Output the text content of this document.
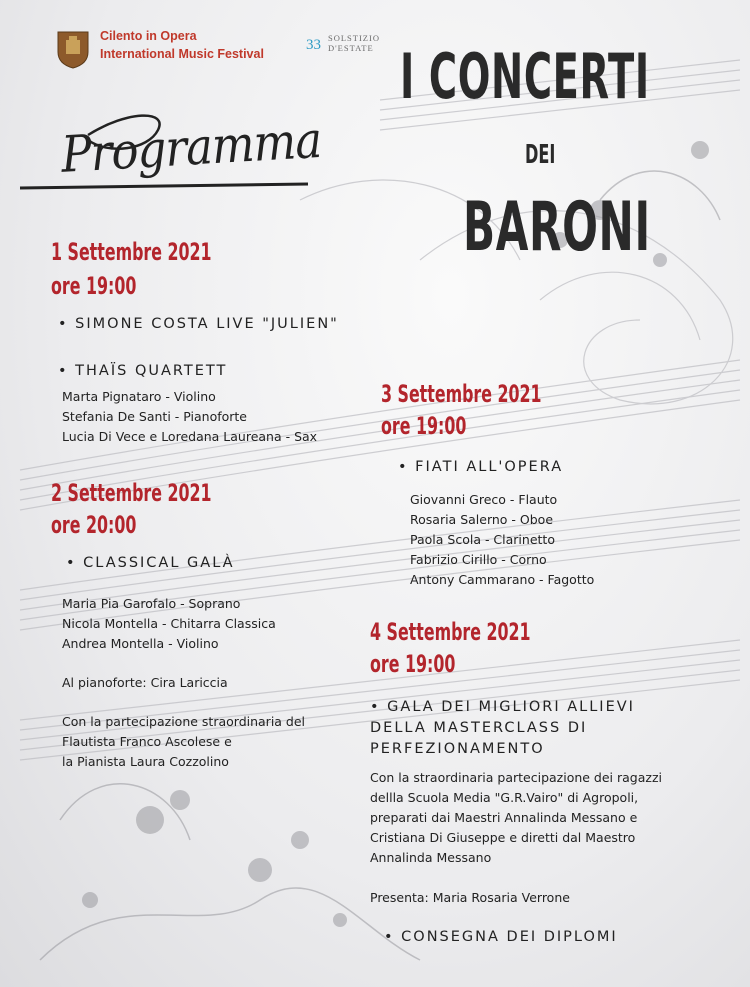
Cilento in Opera
International Music Festival
33 SOLSTIZIO
D'ESTATE I CONCERTI
DEI
BARONI
Programma
1 Settembre 2021
ore 19:00
• SIMONE COSTA LIVE "JULIEN"
• THAÏS QUARTETT
Marta Pignataro - Violino
Stefania De Santi - Pianoforte
Lucia Di Vece e Loredana Laureana - Sax
2 Settembre 2021
ore 20:00
• CLASSICAL GALÀ
Maria Pia Garofalo - Soprano
Nicola Montella - Chitarra Classica
Andrea Montella - Violino
Al pianoforte: Cira Lariccia
Con la partecipazione straordinaria del
Flautista Franco Ascolese e
la Pianista Laura Cozzolino
3 Settembre 2021
ore 19:00
• FIATI ALL'OPERA
Giovanni Greco - Flauto
Rosaria Salerno - Oboe
Paola Scola - Clarinetto
Fabrizio Cirillo - Corno
Antony Cammarano - Fagotto
4 Settembre 2021
ore 19:00
• GALA DEI MIGLIORI ALLIEVI
DELLA MASTERCLASS DI
PERFEZIONAMENTO
Con la straordinaria partecipazione dei ragazzi
dellla Scuola Media "G.R.Vairo" di Agropoli,
preparati dai Maestri Annalinda Messano e
Cristiana Di Giuseppe e diretti dal Maestro
Annalinda Messano
Presenta: Maria Rosaria Verrone
• CONSEGNA DEI DIPLOMI
